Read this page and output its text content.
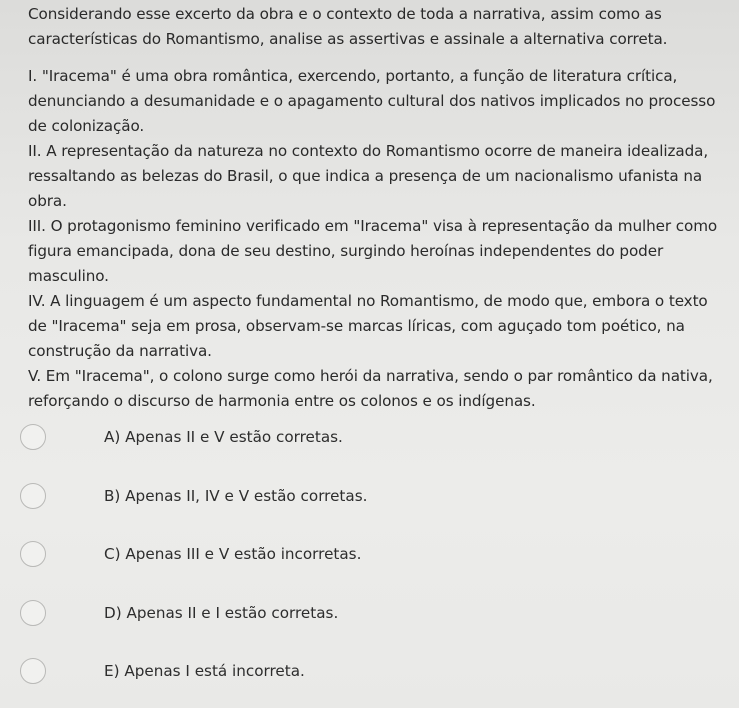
Considerando esse excerto da obra e o contexto de toda a narrativa, assim como as características do Romantismo, analise as assertivas e assinale a alternativa correta.

I. "Iracema" é uma obra romântica, exercendo, portanto, a função de literatura crítica, denunciando a desumanidade e o apagamento cultural dos nativos implicados no processo de colonização.

II. A representação da natureza no contexto do Romantismo ocorre de maneira idealizada, ressaltando as belezas do Brasil, o que indica a presença de um nacionalismo ufanista na obra.

III. O protagonismo feminino verificado em "Iracema" visa à representação da mulher como figura emancipada, dona de seu destino, surgindo heroínas independentes do poder masculino.

IV. A linguagem é um aspecto fundamental no Romantismo, de modo que, embora o texto de "Iracema" seja em prosa, observam-se marcas líricas, com aguçado tom poético, na construção da narrativa.

V. Em "Iracema", o colono surge como herói da narrativa, sendo o par romântico da nativa, reforçando o discurso de harmonia entre os colonos e os indígenas.

A) Apenas II e V estão corretas.
B) Apenas II, IV e V estão corretas.
C) Apenas III e V estão incorretas.
D) Apenas II e I estão corretas.
E) Apenas I está incorreta.
